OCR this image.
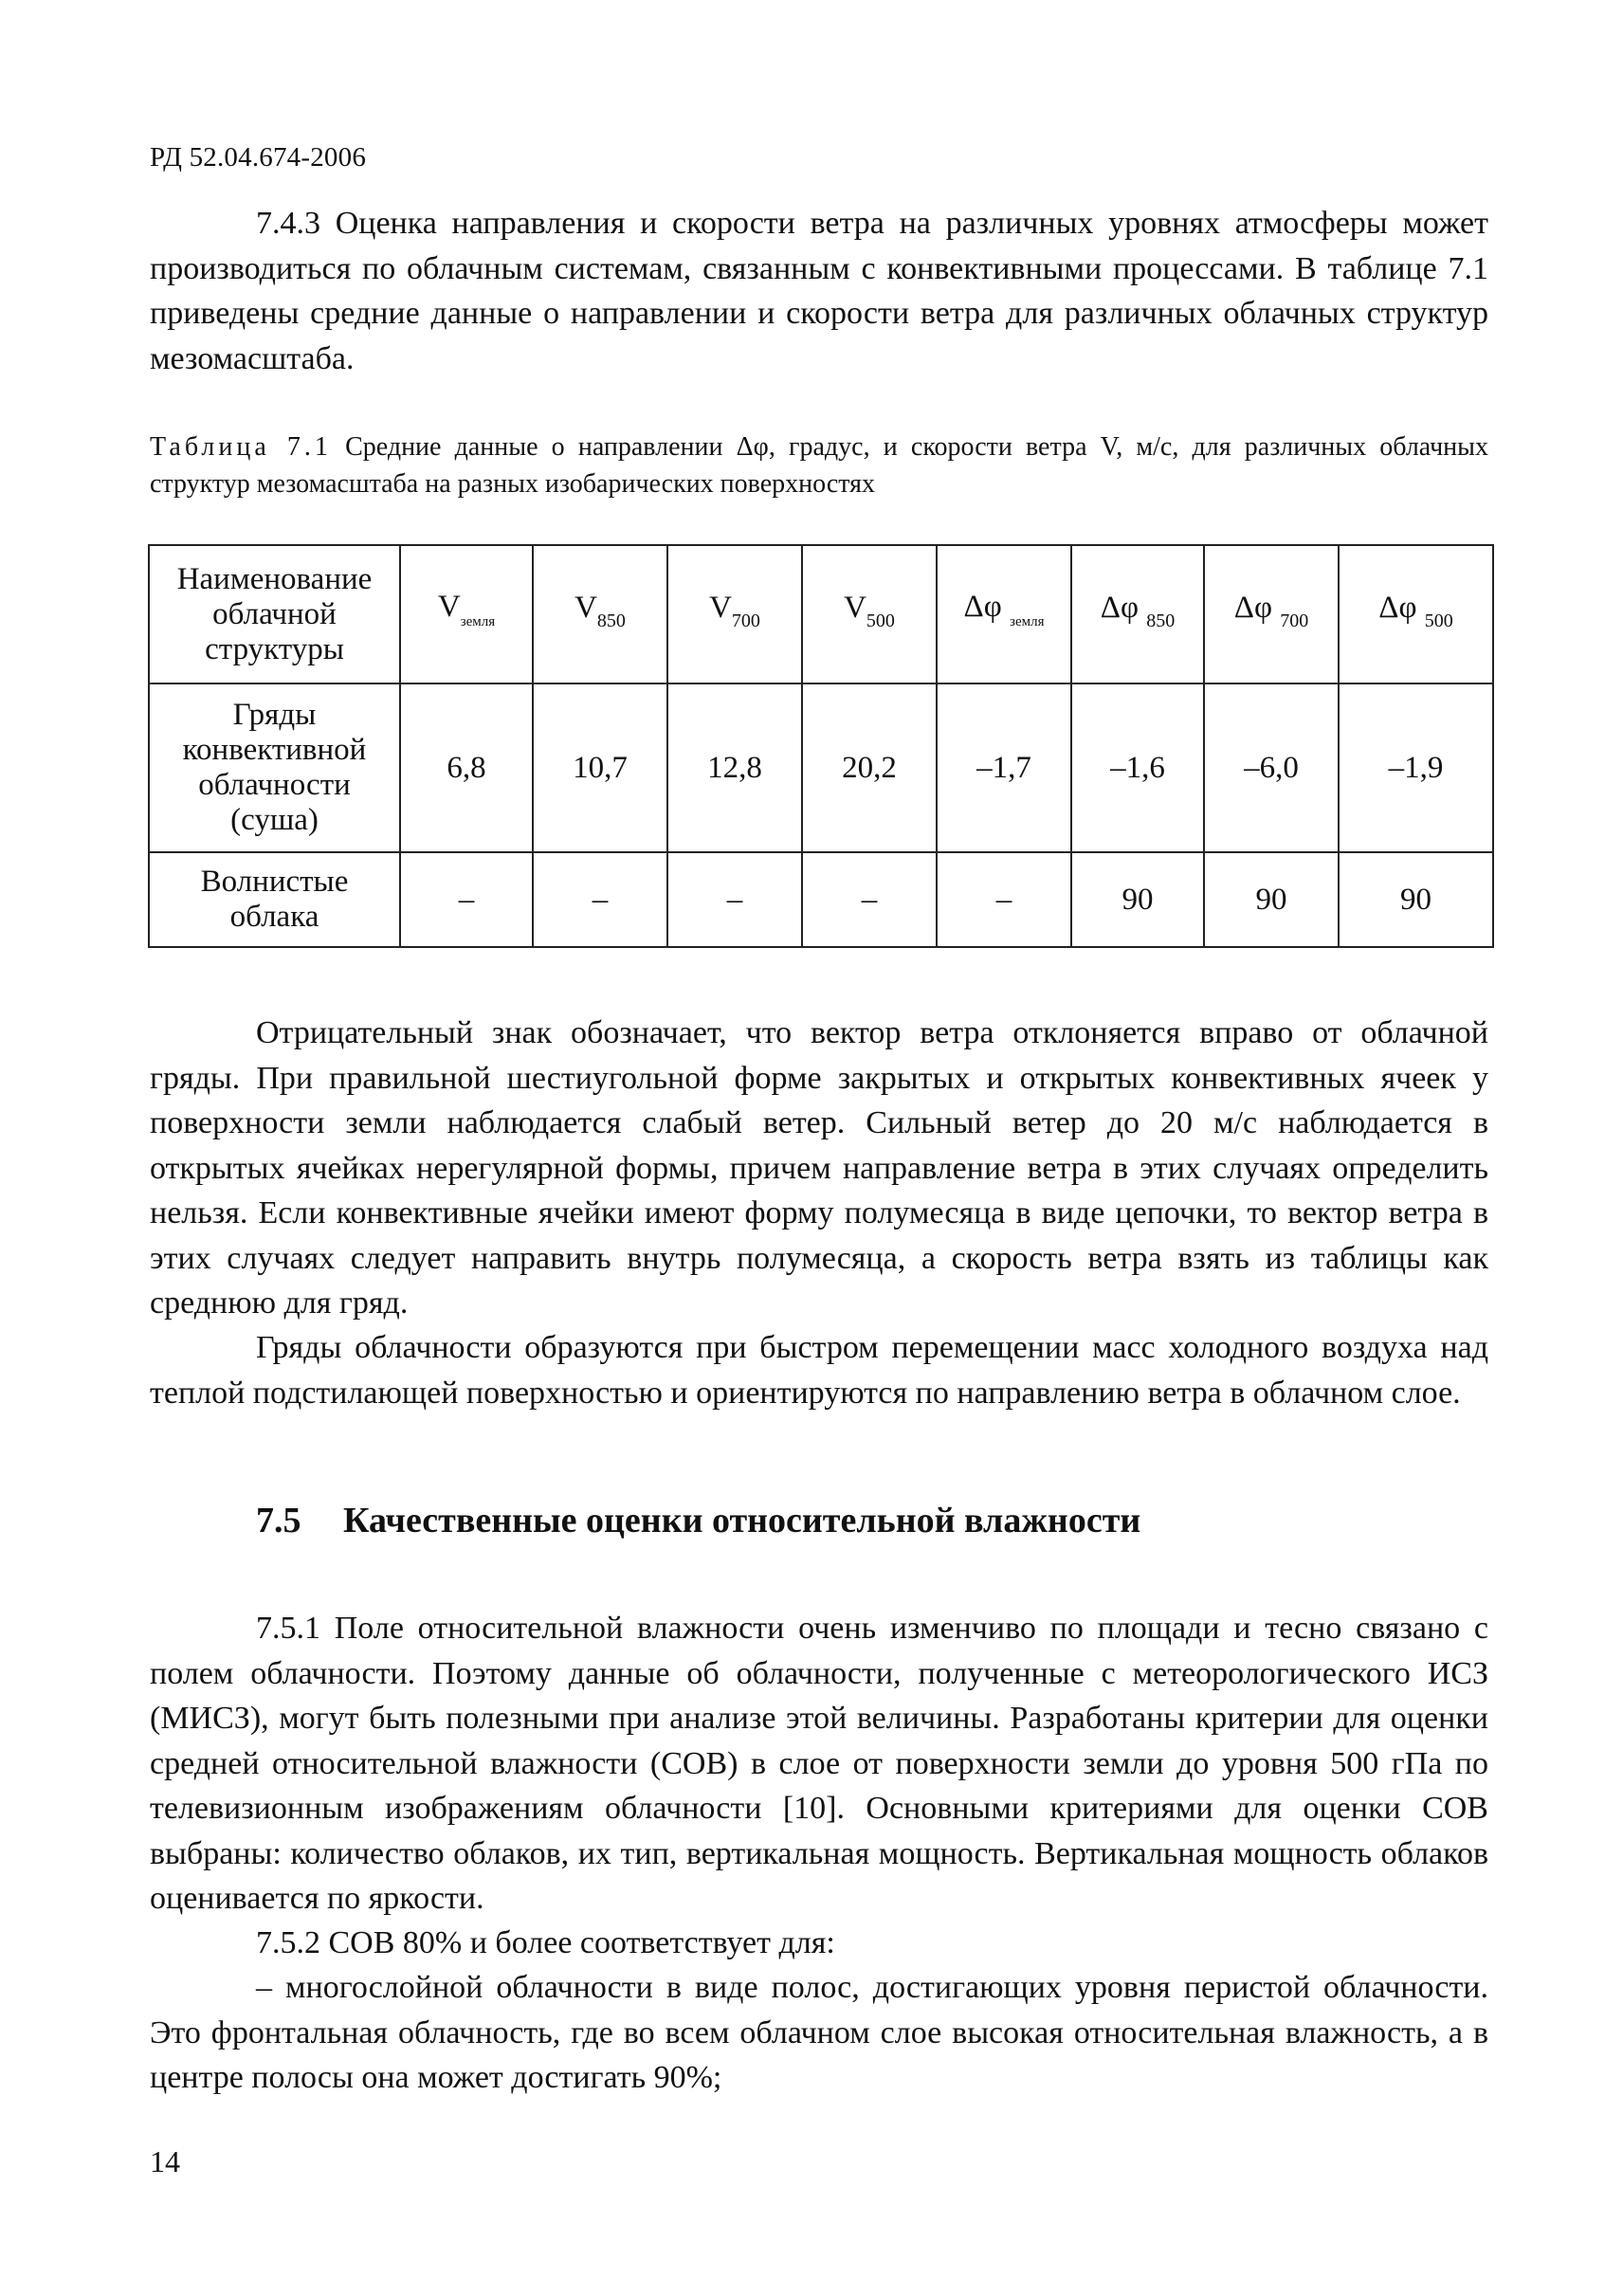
РД 52.04.674-2006

7.4.3 Оценка направления и скорости ветра на различных уровнях атмосферы может производиться по облачным системам, связанным с конвективными процессами. В таблице 7.1 приведены средние данные о направлении и скорости ветра для различных облачных структур мезомасштаба.

Таблица 7.1 Средние данные о направлении Δφ, градус, и скорости ветра V, м/с, для различных облачных структур мезомасштаба на разных изобарических поверхностях

Наименование облачной структуры	$V_{земля}$	$V_{850}$	$V_{700}$	$V_{500}$	Δφ $_{земля}$	Δφ $_{850}$	Δφ $_{700}$	Δφ $_{500}$
Гряды конвективной облачности (суша)	6,8	10,7	12,8	20,2	–1,7	–1,6	–6,0	–1,9
Волнистые облака	–	–	–	–	–	90	90	90

Отрицательный знак обозначает, что вектор ветра отклоняется вправо от облачной гряды. При правильной шестиугольной форме закрытых и открытых конвективных ячеек у поверхности земли наблюдается слабый ветер. Сильный ветер до 20 м/с наблюдается в открытых ячейках нерегулярной формы, причем направление ветра в этих случаях определить нельзя. Если конвективные ячейки имеют форму полумесяца в виде цепочки, то вектор ветра в этих случаях следует направить внутрь полумесяца, а скорость ветра взять из таблицы как среднюю для гряд.

Гряды облачности образуются при быстром перемещении масс холодного воздуха над теплой подстилающей поверхностью и ориентируются по направлению ветра в облачном слое.

7.5 Качественные оценки относительной влажности

7.5.1 Поле относительной влажности очень изменчиво по площади и тесно связано с полем облачности. Поэтому данные об облачности, полученные с метеорологического ИСЗ (МИСЗ), могут быть полезными при анализе этой величины. Разработаны критерии для оценки средней относительной влажности (СОВ) в слое от поверхности земли до уровня 500 гПа по телевизионным изображениям облачности [10]. Основными критериями для оценки СОВ выбраны: количество облаков, их тип, вертикальная мощность. Вертикальная мощность облаков оценивается по яркости.

7.5.2 СОВ 80% и более соответствует для:

– многослойной облачности в виде полос, достигающих уровня перистой облачности. Это фронтальная облачность, где во всем облачном слое высокая относительная влажность, а в центре полосы она может достигать 90%;

14
